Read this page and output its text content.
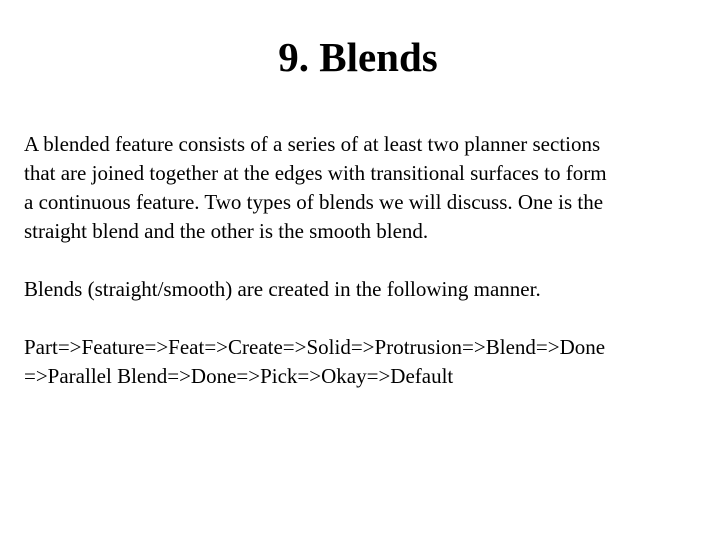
9. Blends

A blended feature consists of a series of at least two planner sections
that are joined together at the edges with transitional surfaces to form
a continuous feature. Two types of blends we will discuss. One is the
straight blend and the other is the smooth blend.

Blends (straight/smooth) are created in the following manner.

Part=>Feature=>Feat=>Create=>Solid=>Protrusion=>Blend=>Done
=>Parallel Blend=>Done=>Pick=>Okay=>Default
